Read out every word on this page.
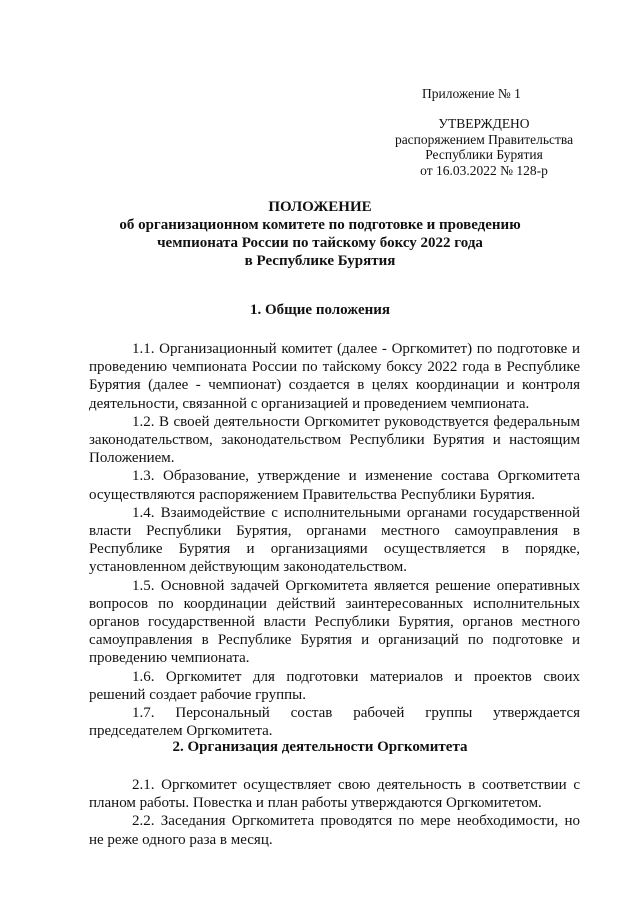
Приложение № 1
УТВЕРЖДЕНО
распоряжением Правительства
Республики Бурятия
от 16.03.2022 № 128-р
ПОЛОЖЕНИЕ
об организационном комитете по подготовке и проведению
чемпионата России по тайскому боксу 2022 года
в Республике Бурятия
1. Общие положения

1.1. Организационный комитет (далее - Оргкомитет) по подготовке и проведению чемпионата России по тайскому боксу 2022 года в Республике Бурятия (далее - чемпионат) создается в целях координации и контроля деятельности, связанной с организацией и проведением чемпионата.

1.2. В своей деятельности Оргкомитет руководствуется федеральным законодательством, законодательством Республики Бурятия и настоящим Положением.

1.3. Образование, утверждение и изменение состава Оргкомитета осуществляются распоряжением Правительства Республики Бурятия.

1.4. Взаимодействие с исполнительными органами государственной власти Республики Бурятия, органами местного самоуправления в Республике Бурятия и организациями осуществляется в порядке, установленном действующим законодательством.

1.5. Основной задачей Оргкомитета является решение оперативных вопросов по координации действий заинтересованных исполнительных органов государственной власти Республики Бурятия, органов местного самоуправления в Республике Бурятия и организаций по подготовке и проведению чемпионата.

1.6. Оргкомитет для подготовки материалов и проектов своих решений создает рабочие группы.

1.7. Персональный состав рабочей группы утверждается председателем Оргкомитета.

2. Организация деятельности Оргкомитета

2.1. Оргкомитет осуществляет свою деятельность в соответствии с планом работы. Повестка и план работы утверждаются Оргкомитетом.

2.2. Заседания Оргкомитета проводятся по мере необходимости, но не реже одного раза в месяц.
